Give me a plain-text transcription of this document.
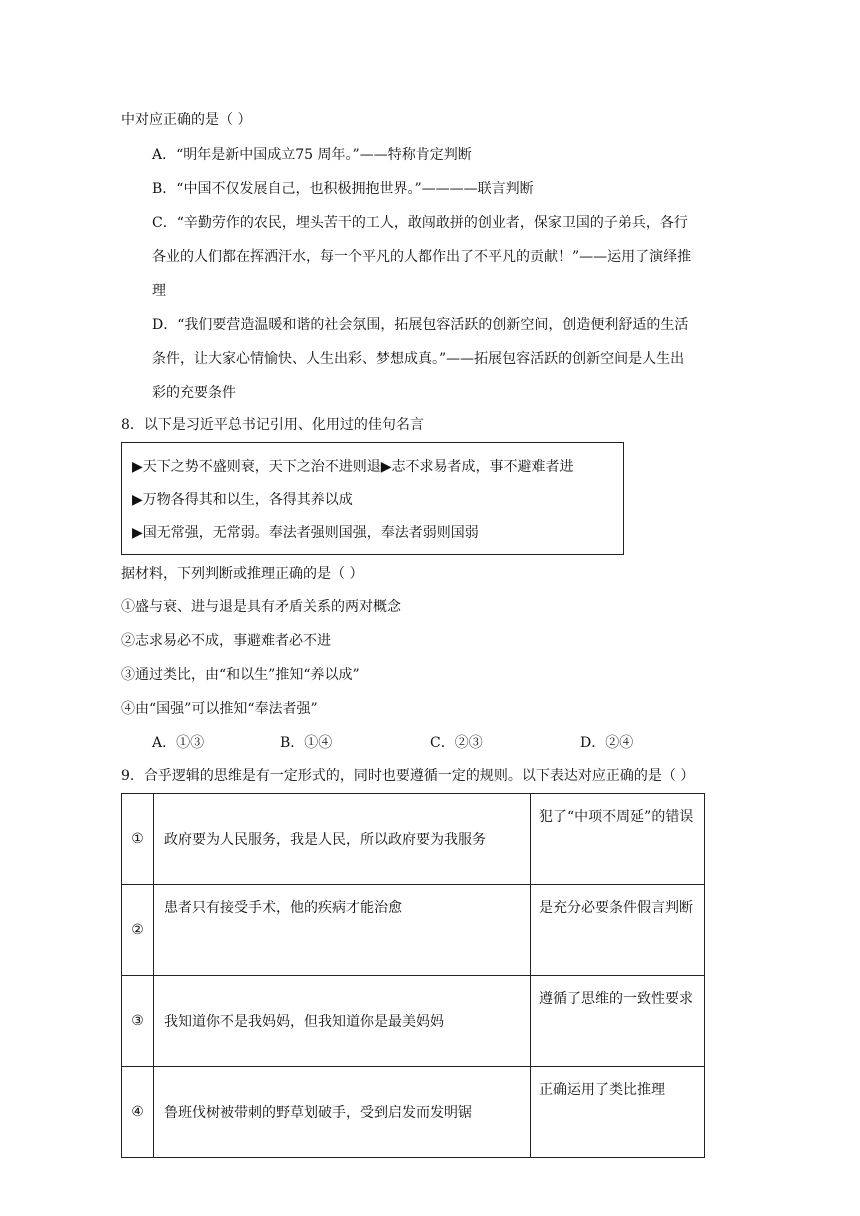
中对应正确的是（ ）
A．“明年是新中国成立75 周年。”——特称肯定判断
B．“中国不仅发展自己，也积极拥抱世界。”————联言判断
C．“辛勤劳作的农民，埋头苦干的工人，敢闯敢拼的创业者，保家卫国的子弟兵，各行
各业的人们都在挥洒汗水，每一个平凡的人都作出了不平凡的贡献！”——运用了演绎推
理
D．“我们要营造温暖和谐的社会氛围，拓展包容活跃的创新空间，创造便利舒适的生活
条件，让大家心情愉快、人生出彩、梦想成真。”——拓展包容活跃的创新空间是人生出
彩的充要条件
8．以下是习近平总书记引用、化用过的佳句名言
▶天下之势不盛则衰，天下之治不进则退▶志不求易者成，事不避难者进
▶万物各得其和以生，各得其养以成
▶国无常强，无常弱。奉法者强则国强，奉法者弱则国弱
据材料，下列判断或推理正确的是（ ）
①盛与衰、进与退是具有矛盾关系的两对概念
②志求易必不成，事避难者必不进
③通过类比，由“和以生”推知“养以成”
④由“国强”可以推知“奉法者强”
A．①③	B．①④	C．②③	D．②④
9．合乎逻辑的思维是有一定形式的，同时也要遵循一定的规则。以下表达对应正确的是（ ）
①	政府要为人民服务，我是人民，所以政府要为我服务	犯了“中项不周延”的错误
②	患者只有接受手术，他的疾病才能治愈	是充分必要条件假言判断
③	我知道你不是我妈妈，但我知道你是最美妈妈	遵循了思维的一致性要求
④	鲁班伐树被带刺的野草划破手，受到启发而发明锯	正确运用了类比推理
